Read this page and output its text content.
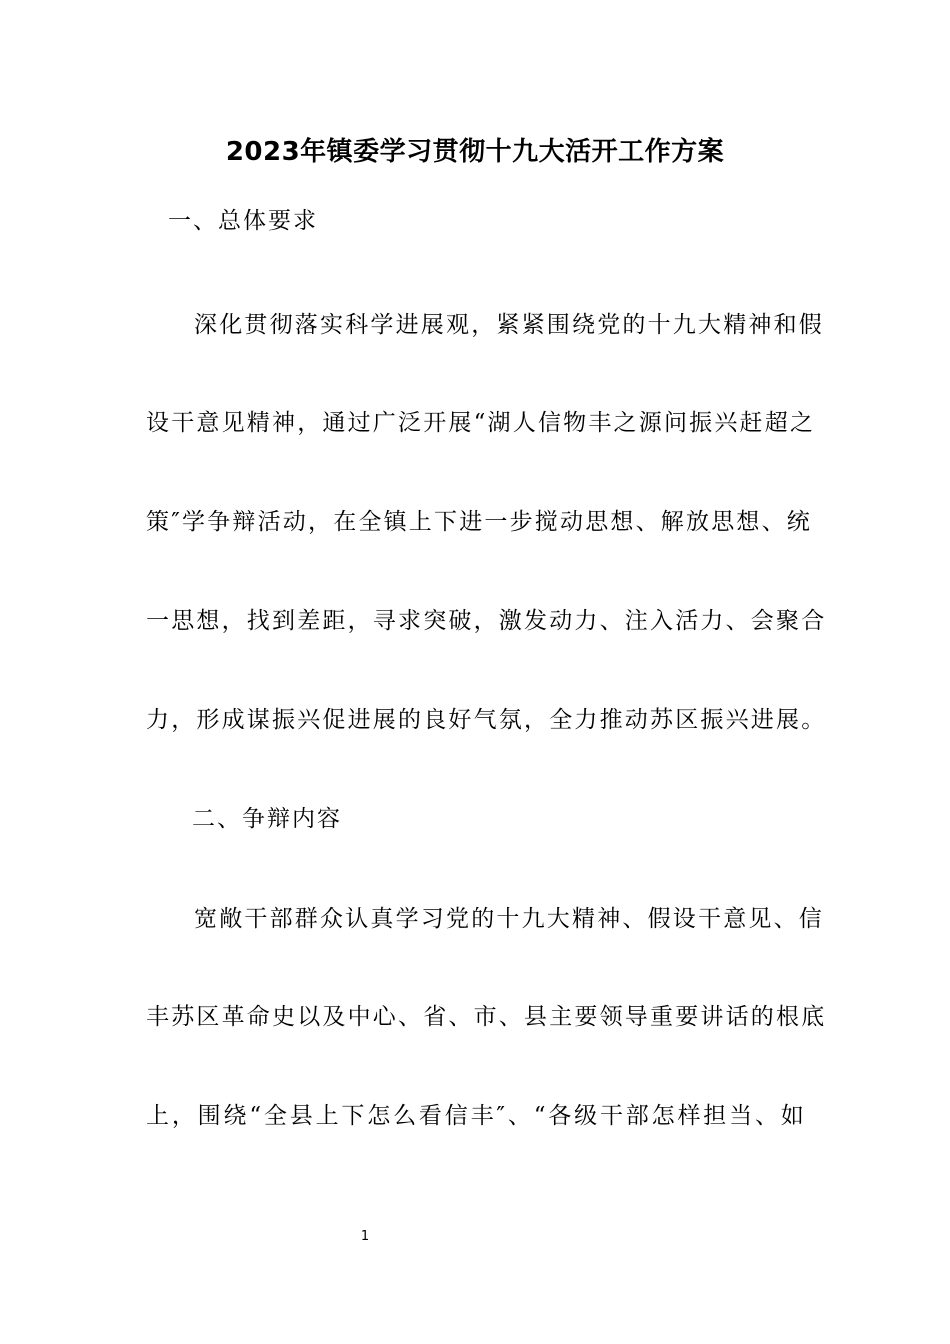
2023年镇委学习贯彻十九大活开工作方案
一、总体要求
深化贯彻落实科学进展观，紧紧围绕党的十九大精神和假
设干意见精神，通过广泛开展“湖人信物丰之源问振兴赶超之
策″学争辩活动，在全镇上下进一步搅动思想、解放思想、统
一思想，找到差距，寻求突破，激发动力、注入活力、会聚合
力，形成谋振兴促进展的良好气氛，全力推动苏区振兴进展。
二、争辩内容
宽敞干部群众认真学习党的十九大精神、假设干意见、信
丰苏区革命史以及中心、省、市、县主要领导重要讲话的根底
上，围绕“全县上下怎么看信丰″、“各级干部怎样担当、如
1
